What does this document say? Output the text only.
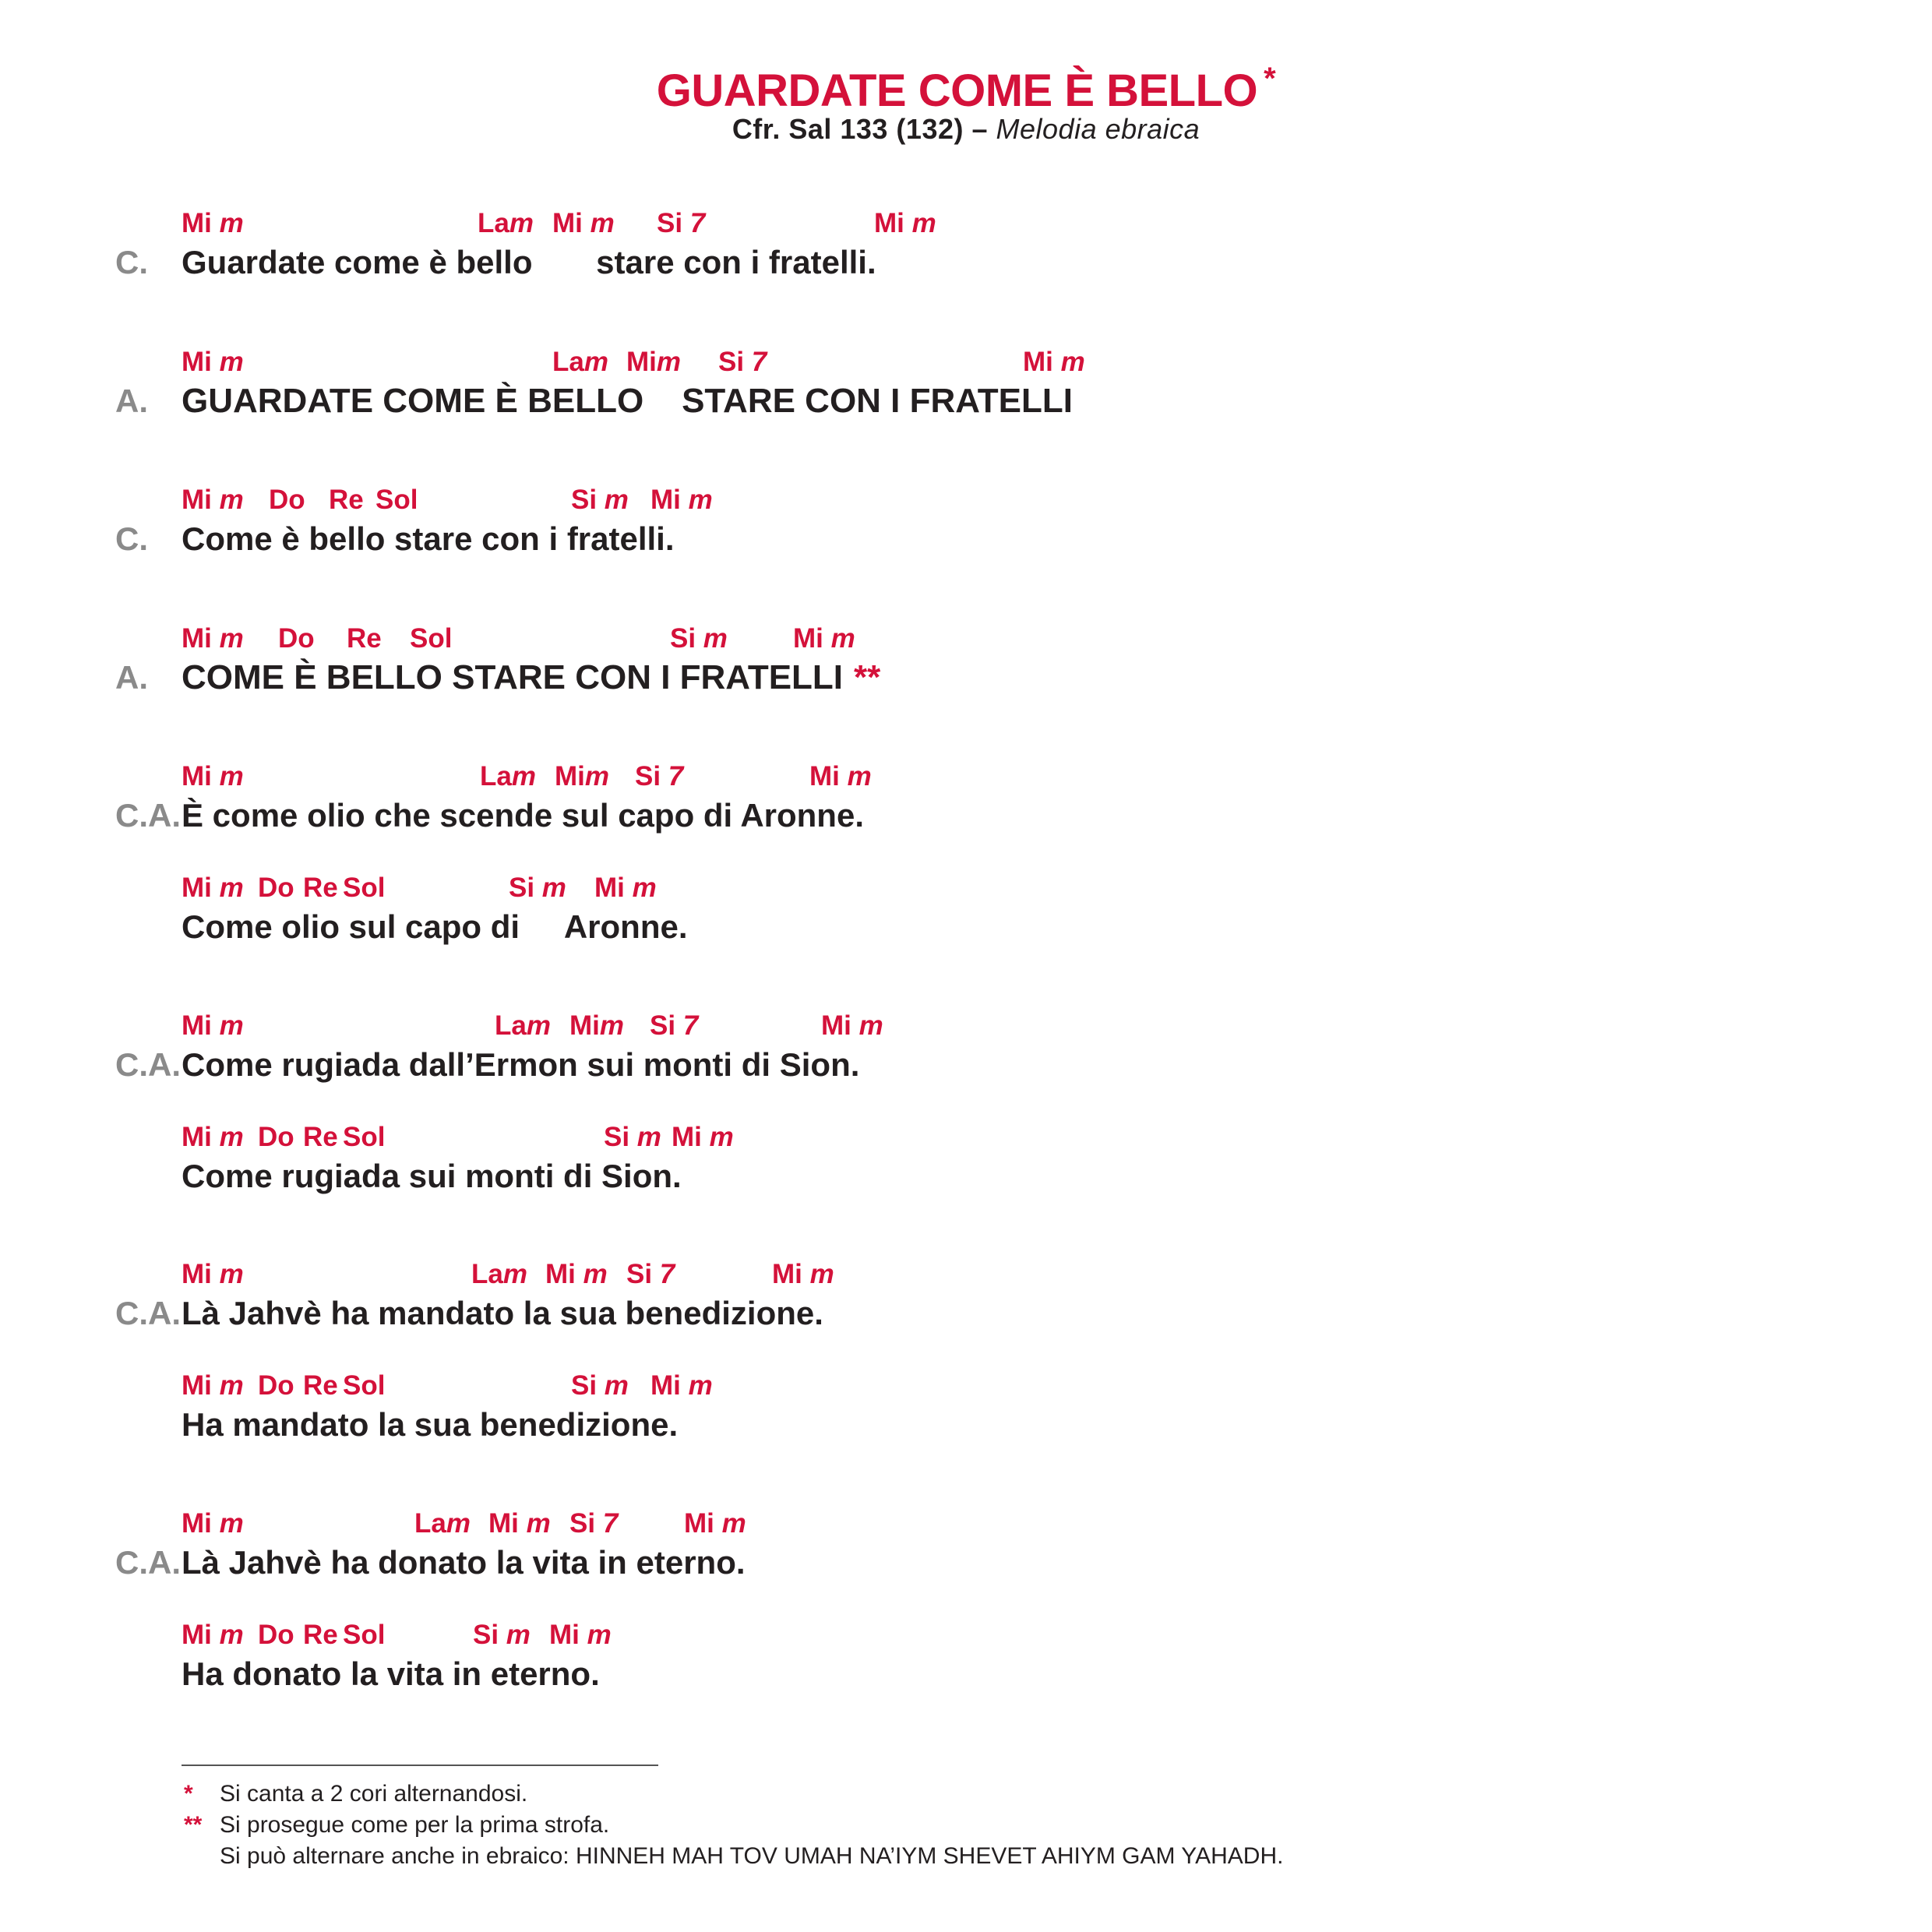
GUARDATE COME È BELLO *
Cfr. Sal 133 (132) – Melodia ebraica
Mi m	Lam Mi m Si 7	Mi m
C. Guardate come è bello       stare con i fratelli.
Mi m	Lam Mim Si 7	Mi m
A. GUARDATE COME È BELLO    STARE CON I FRATELLI
Mi m Do Re Sol	Si m Mi m
C. Come è bello stare con i fratelli.
Mi m Do Re Sol	Si m Mi m
A. COME È BELLO STARE CON I FRATELLI **
Mi m	Lam Mim Si 7	Mi m
C.A. È come olio che scende sul capo di Aronne.
Mi m Do Re Sol	Si m Mi m
Come olio sul capo di     Aronne.
Mi m	Lam Mim Si 7	Mi m
C.A. Come rugiada dall’Ermon sui monti di Sion.
Mi m Do Re Sol	Si m Mi m
Come rugiada sui monti di Sion.
Mi m	Lam Mi m Si 7	Mi m
C.A. Là Jahvè ha mandato la sua benedizione.
Mi m Do Re Sol	Si m Mi m
Ha mandato la sua benedizione.
Mi m	Lam Mi m Si 7 Mi m
C.A. Là Jahvè ha donato la vita in eterno.
Mi m Do Re Sol	Si m Mi m
Ha donato la vita in eterno.
* Si canta a 2 cori alternandosi.
** Si prosegue come per la prima strofa.
Si può alternare anche in ebraico: HINNEH MAH TOV UMAH NA’IYM SHEVET AHIYM GAM YAHADH.
